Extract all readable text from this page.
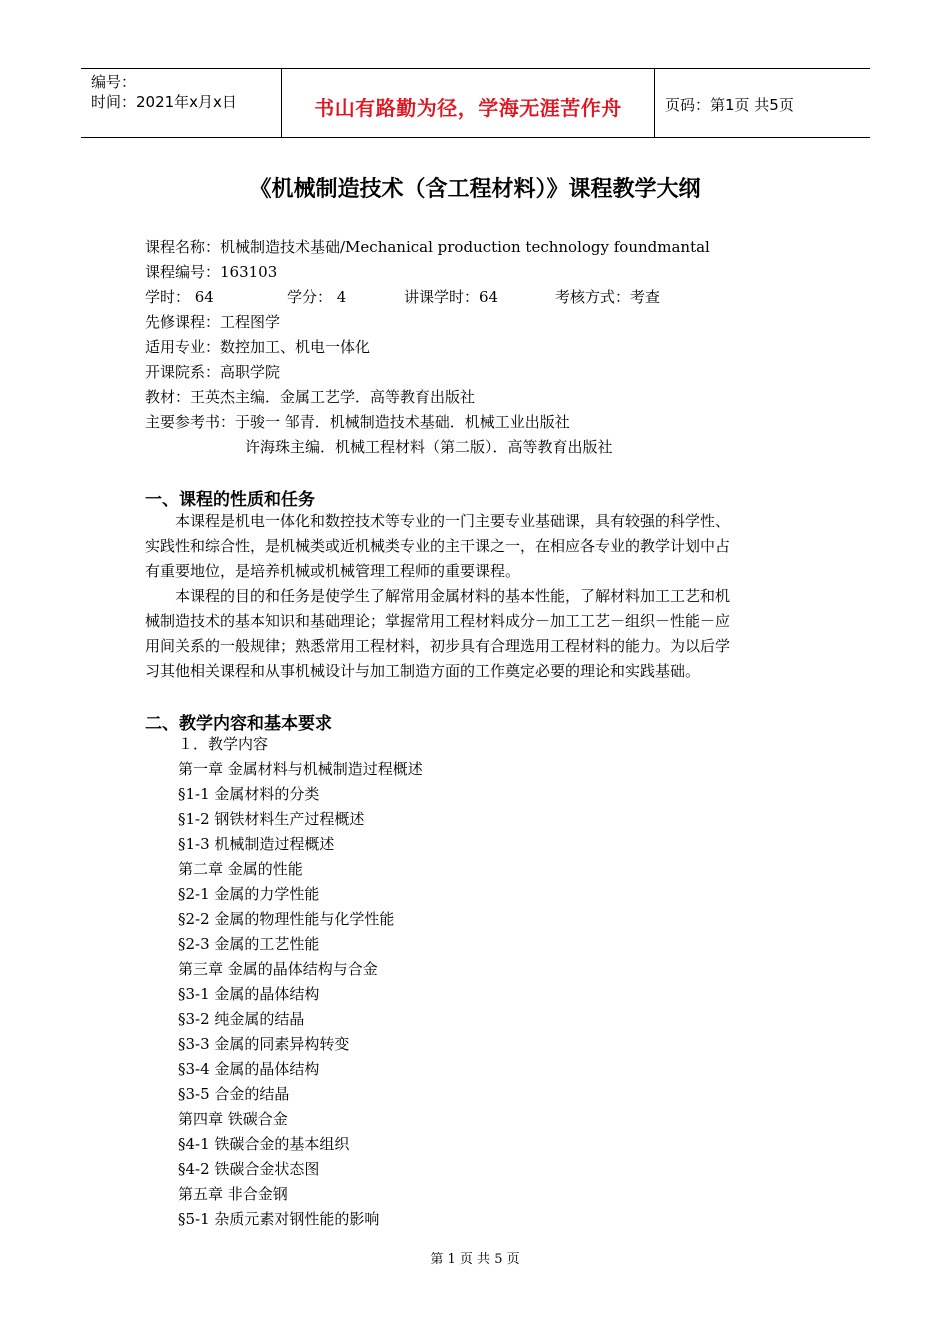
编号：
时间：2021年x月x日	书山有路勤为径，学海无涯苦作舟	页码：第1页 共5页
《机械制造技术（含工程材料）》课程教学大纲
课程名称：机械制造技术基础/Mechanical production technology foundmantal
课程编号：163103
学时： 64	学分： 4	讲课学时：64	考核方式：考查
先修课程：工程图学
适用专业：数控加工、机电一体化
开课院系：高职学院
教材：王英杰主编．金属工艺学．高等教育出版社
主要参考书：于骏一 邹青．机械制造技术基础．机械工业出版社
许海珠主编．机械工程材料（第二版）．高等教育出版社
一、课程的性质和任务
本课程是机电一体化和数控技术等专业的一门主要专业基础课，具有较强的科学性、
实践性和综合性，是机械类或近机械类专业的主干课之一，在相应各专业的教学计划中占
有重要地位，是培养机械或机械管理工程师的重要课程。
本课程的目的和任务是使学生了解常用金属材料的基本性能，了解材料加工工艺和机
械制造技术的基本知识和基础理论；掌握常用工程材料成分－加工工艺－组织－性能－应
用间关系的一般规律；熟悉常用工程材料，初步具有合理选用工程材料的能力。为以后学
习其他相关课程和从事机械设计与加工制造方面的工作奠定必要的理论和实践基础。
二、教学内容和基本要求
１．教学内容
第一章 金属材料与机械制造过程概述
§1-1 金属材料的分类
§1-2 钢铁材料生产过程概述
§1-3 机械制造过程概述
第二章 金属的性能
§2-1 金属的力学性能
§2-2 金属的物理性能与化学性能
§2-3 金属的工艺性能
第三章 金属的晶体结构与合金
§3-1 金属的晶体结构
§3-2 纯金属的结晶
§3-3 金属的同素异构转变
§3-4 金属的晶体结构
§3-5 合金的结晶
第四章 铁碳合金
§4-1 铁碳合金的基本组织
§4-2 铁碳合金状态图
第五章 非合金钢
§5-1 杂质元素对钢性能的影响
第 1 页 共 5 页
